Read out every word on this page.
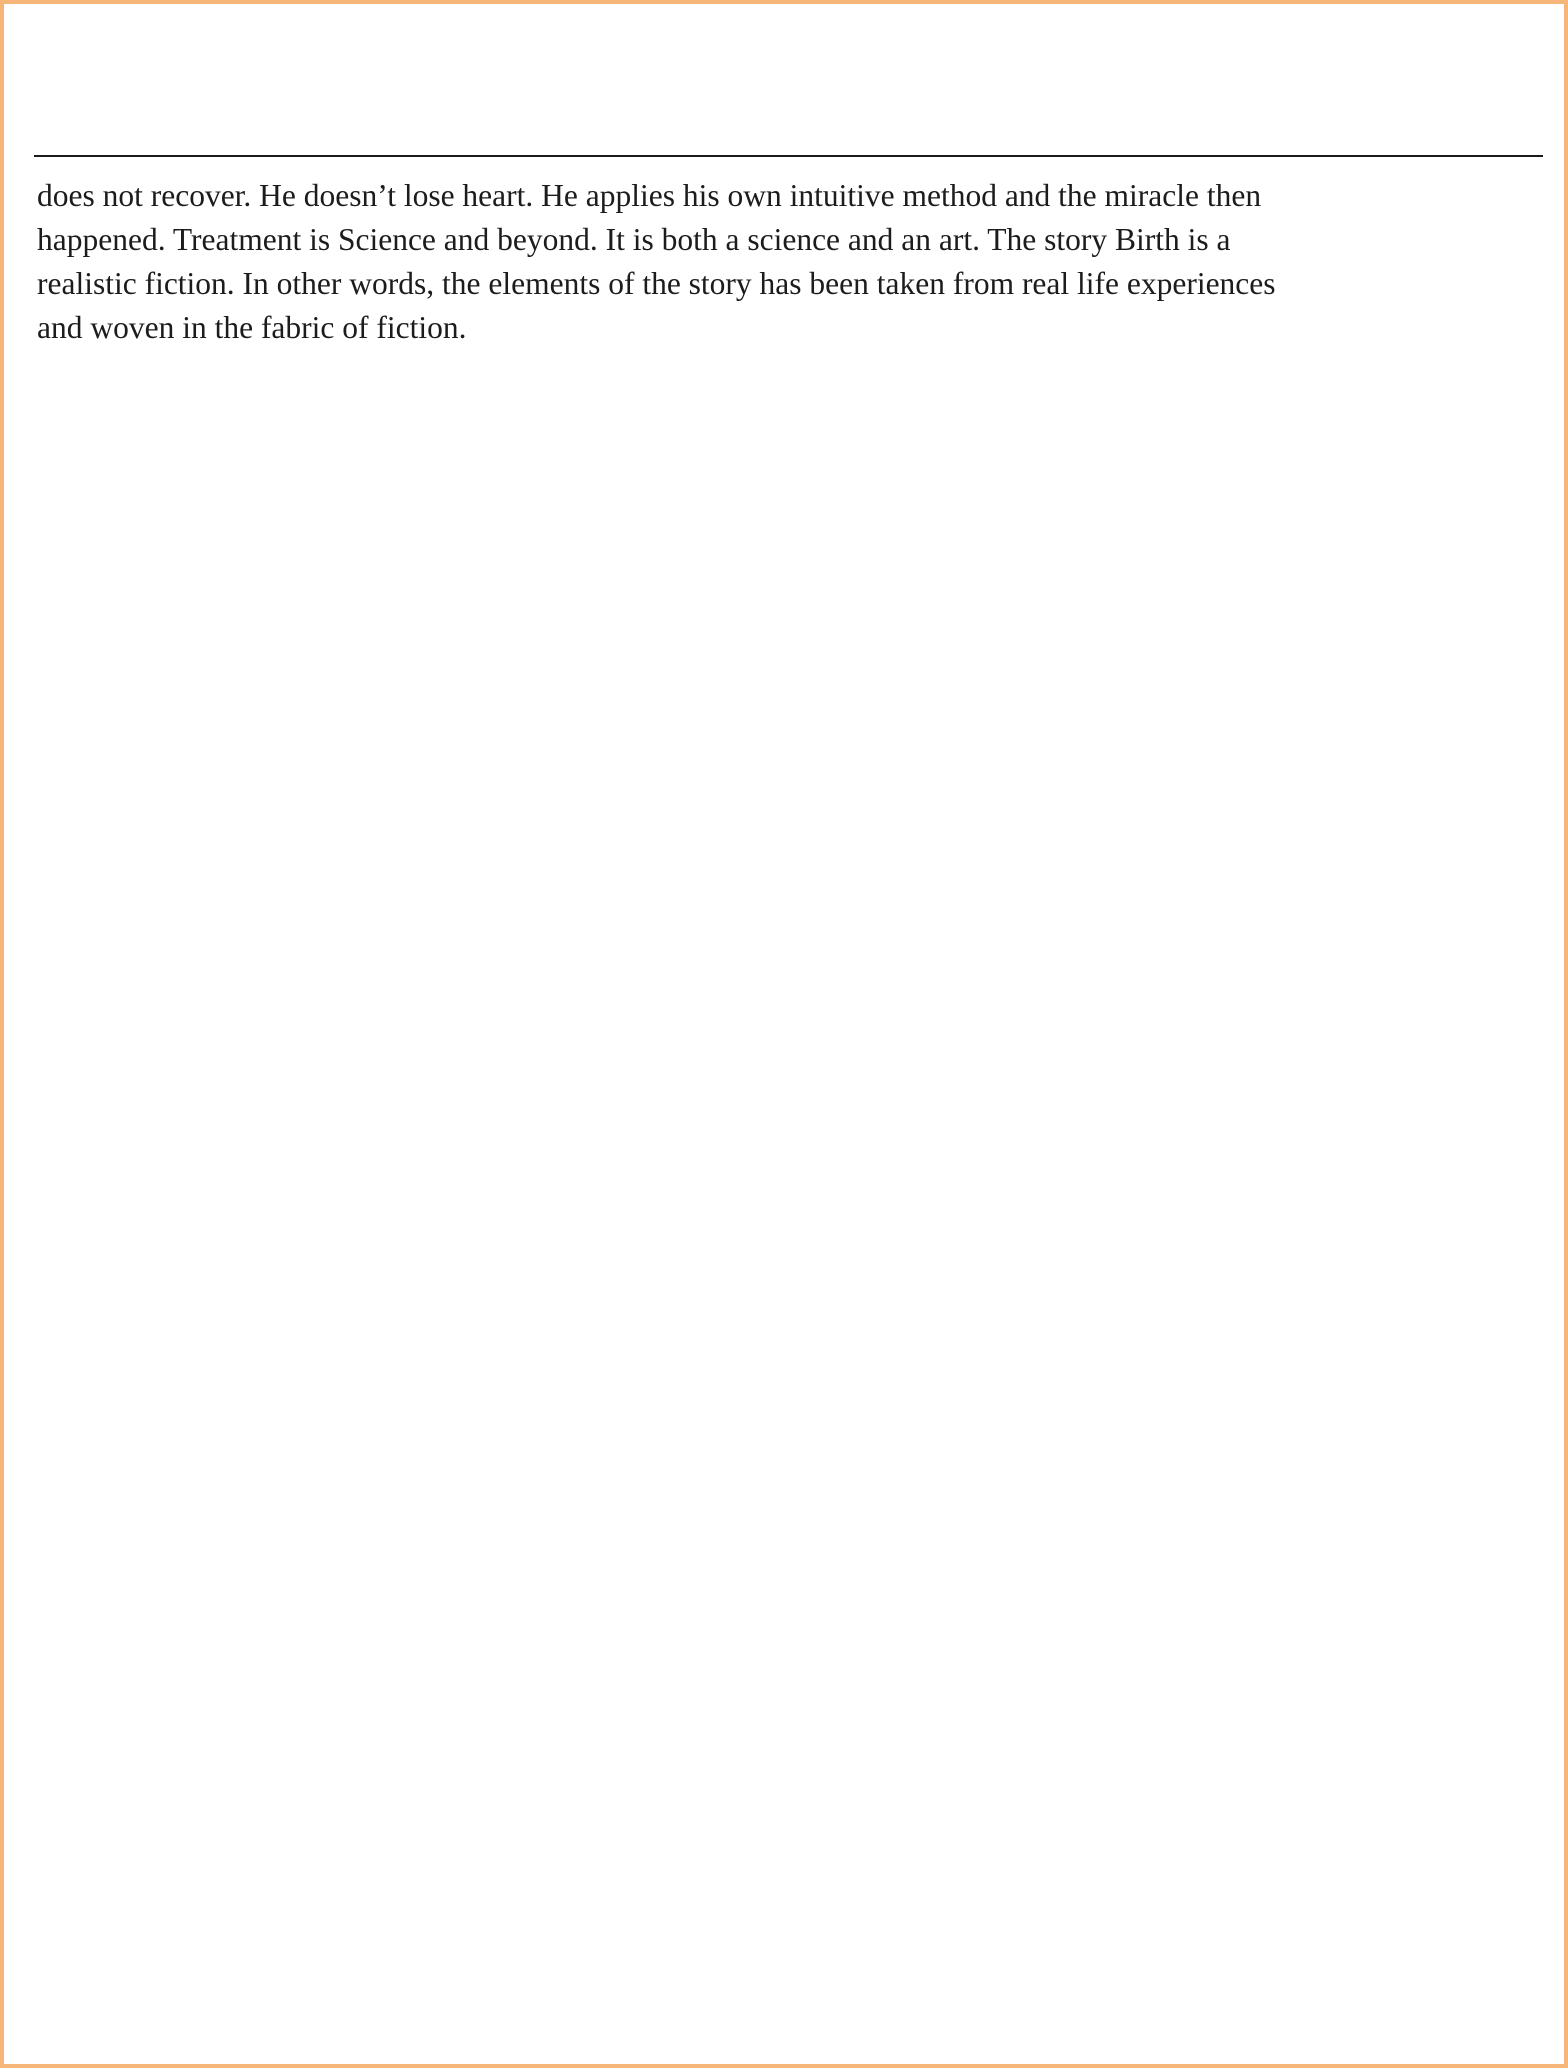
does not recover. He doesn’t lose heart. He applies his own intuitive method and the miracle then
happened. Treatment is Science and beyond. It is both a science and an art. The story Birth is a
realistic fiction. In other words, the elements of the story has been taken from real life experiences
and woven in the fabric of fiction.
